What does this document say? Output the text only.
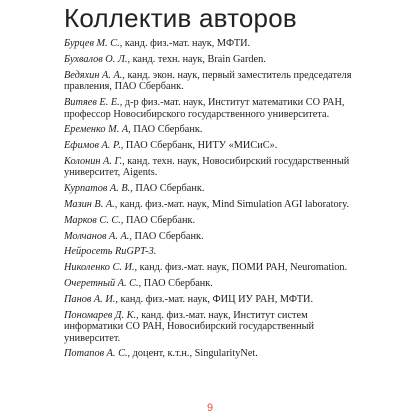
Коллектив авторов

Бурцев М. С., канд. физ.-мат. наук, МФТИ.

Бухвалов О. Л., канд. техн. наук, Brain Garden.

Ведяхин А. А., канд. экон. наук, первый заместитель председателя правления, ПАО Сбербанк.

Витяев Е. Е., д-р физ.-мат. наук, Институт математики СО РАН, профессор Новосибирского государственного университета.

Еременко М. А, ПАО Сбербанк.

Ефимов А. Р., ПАО Сбербанк, НИТУ «МИСиС».

Колонин А. Г., канд. техн. наук, Новосибирский государственный университет, Aigents.

Курпатов А. В., ПАО Сбербанк.

Мазин В. А., канд. физ.-мат. наук, Mind Simulation AGI laboratory.

Марков С. С., ПАО Сбербанк.

Молчанов А. А., ПАО Сбербанк.

Нейросеть RuGPT-3.

Николенко С. И., канд. физ.-мат. наук, ПОМИ РАН, Neuromation.

Очеретный А. С., ПАО Сбербанк.

Панов А. И., канд. физ.-мат. наук, ФИЦ ИУ РАН, МФТИ.

Пономарев Д. К., канд. физ.-мат. наук, Институт систем информатики СО РАН, Новосибирский государственный университет.

Потапов А. С., доцент, к.т.н., SingularityNet.

9
